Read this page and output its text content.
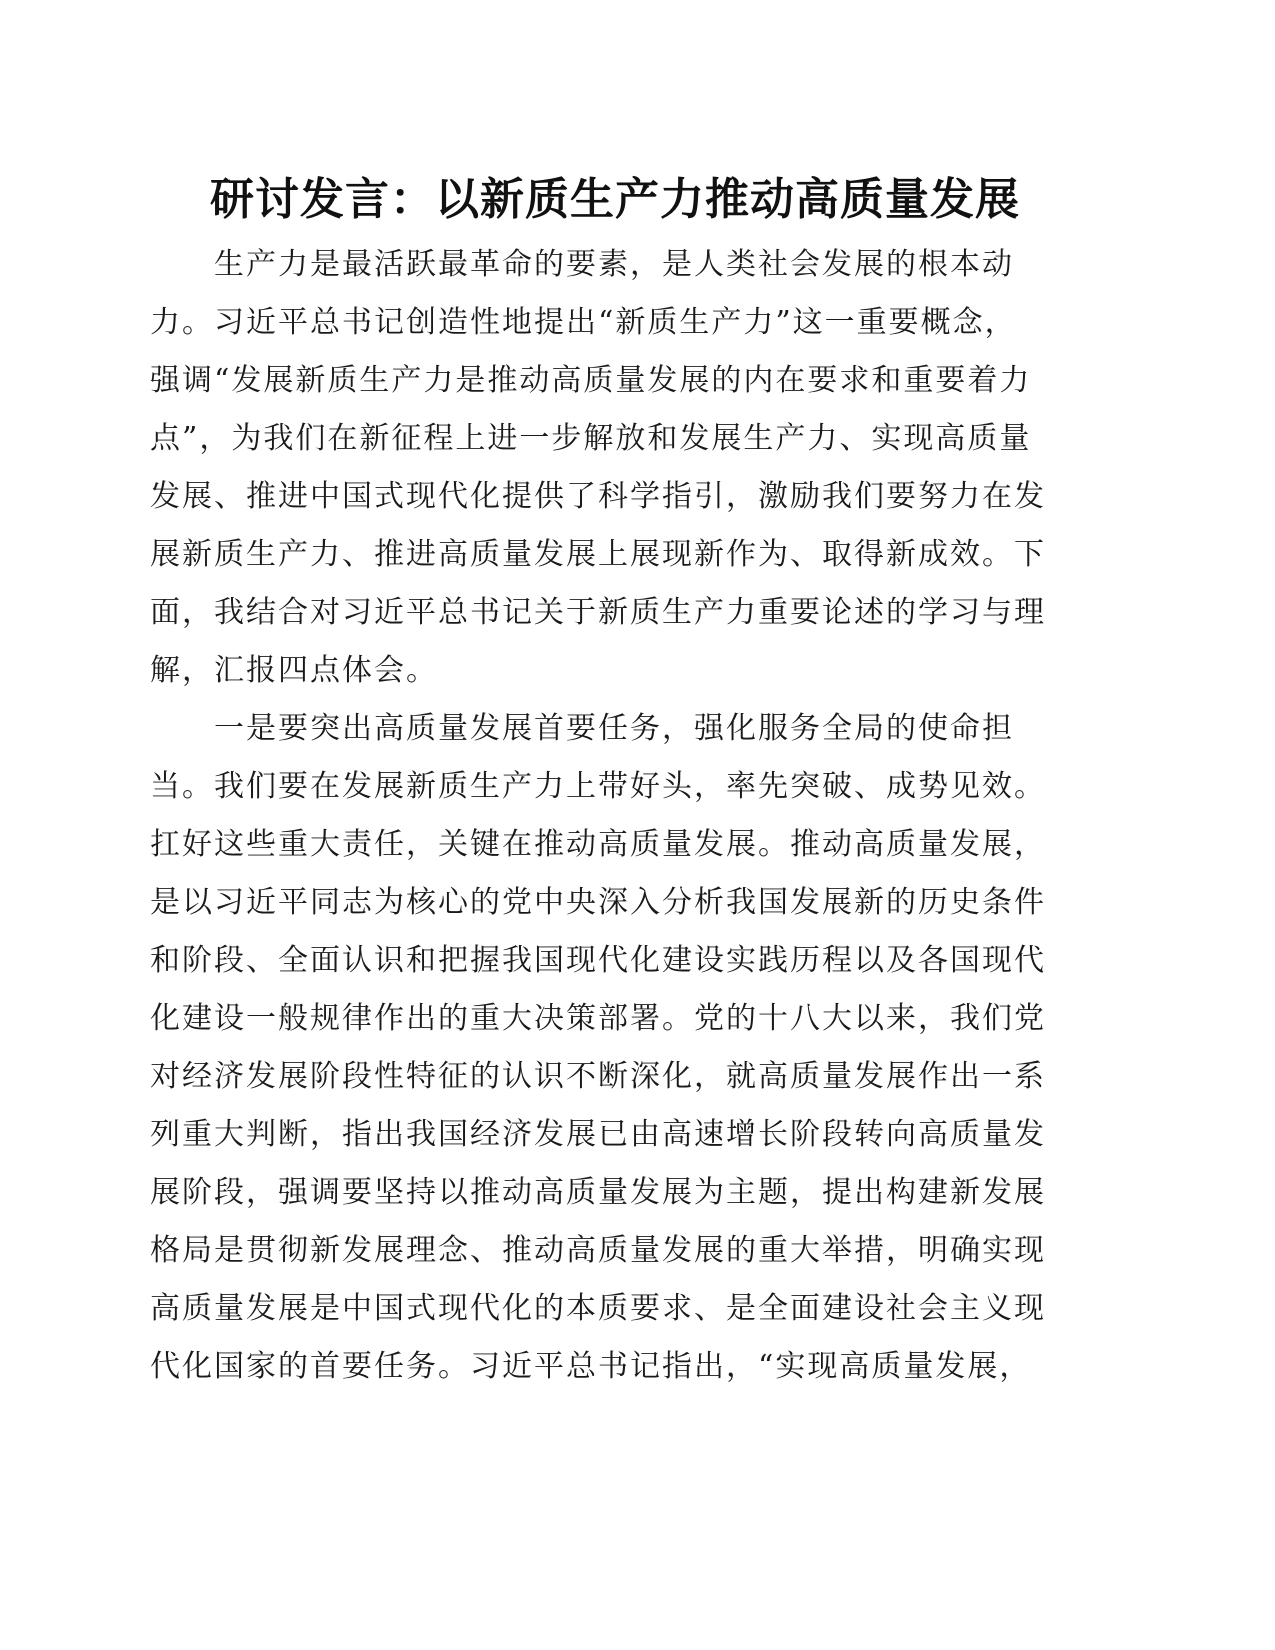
研讨发言：以新质生产力推动高质量发展

生产力是最活跃最革命的要素，是人类社会发展的根本动

力。习近平总书记创造性地提出“新质生产力”这一重要概念，

强调“发展新质生产力是推动高质量发展的内在要求和重要着力

点”，为我们在新征程上进一步解放和发展生产力、实现高质量

发展、推进中国式现代化提供了科学指引，激励我们要努力在发

展新质生产力、推进高质量发展上展现新作为、取得新成效。下

面，我结合对习近平总书记关于新质生产力重要论述的学习与理

解，汇报四点体会。

一是要突出高质量发展首要任务，强化服务全局的使命担

当。我们要在发展新质生产力上带好头，率先突破、成势见效。

扛好这些重大责任，关键在推动高质量发展。推动高质量发展，

是以习近平同志为核心的党中央深入分析我国发展新的历史条件

和阶段、全面认识和把握我国现代化建设实践历程以及各国现代

化建设一般规律作出的重大决策部署。党的十八大以来，我们党

对经济发展阶段性特征的认识不断深化，就高质量发展作出一系

列重大判断，指出我国经济发展已由高速增长阶段转向高质量发

展阶段，强调要坚持以推动高质量发展为主题，提出构建新发展

格局是贯彻新发展理念、推动高质量发展的重大举措，明确实现

高质量发展是中国式现代化的本质要求、是全面建设社会主义现

代化国家的首要任务。习近平总书记指出，“实现高质量发展，
